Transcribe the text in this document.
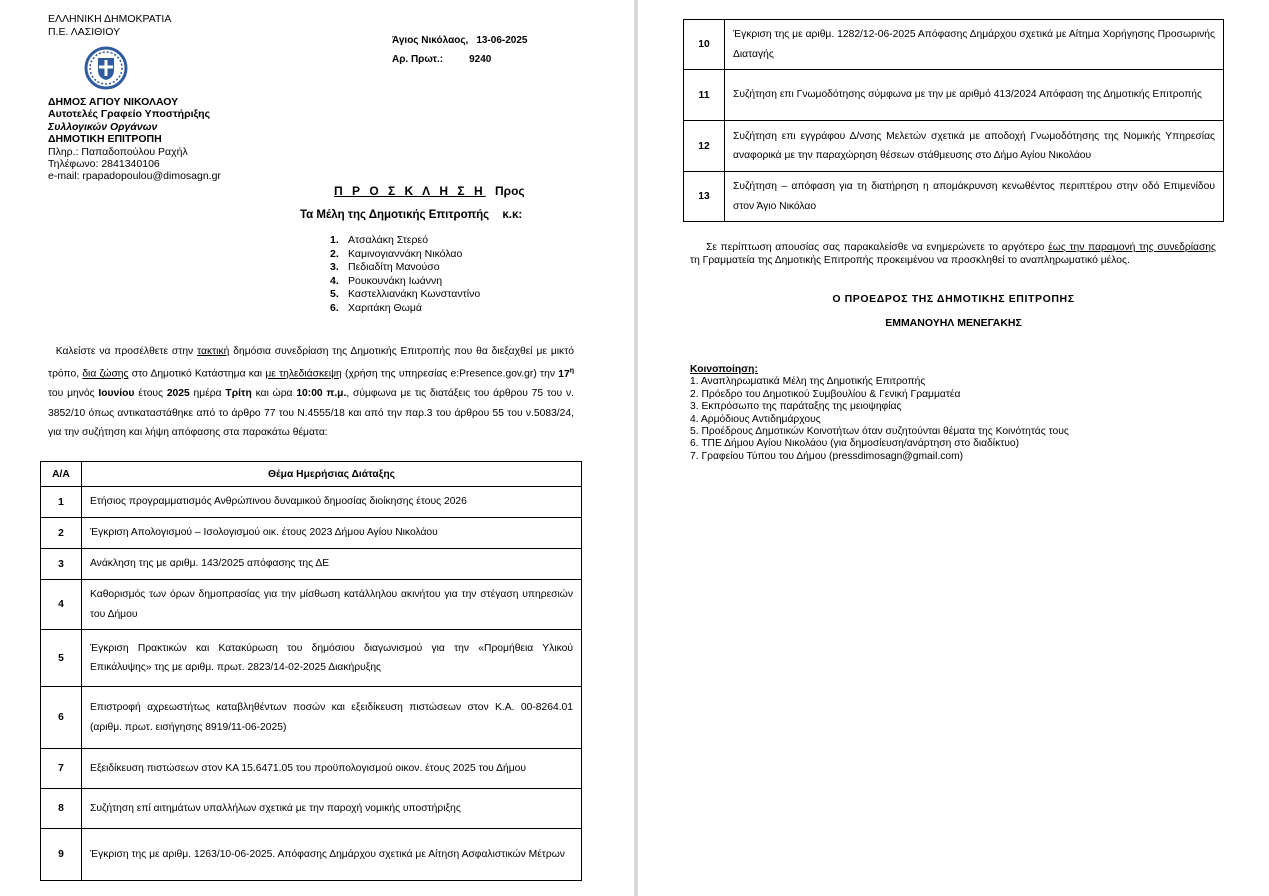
ΕΛΛΗΝΙΚΗ ΔΗΜΟΚΡΑΤΙΑ
Π.Ε. ΛΑΣΙΘΙΟΥ
ΔΗΜΟΣ ΑΓΙΟΥ ΝΙΚΟΛΑΟΥ
Αυτοτελές Γραφείο Υποστήριξης
Συλλογικών Οργάνων
ΔΗΜΟΤΙΚΗ ΕΠΙΤΡΟΠΗ
Πληρ.: Παπαδοπούλου Ραχήλ
Τηλέφωνο: 2841340106
e-mail: rpapadopoulou@dimosagn.gr
Άγιος Νικόλαος, 13-06-2025
Αρ. Πρωτ.:	9240
Π Ρ Ο Σ Κ Λ Η Σ Η Προς
Τα Μέλη της Δημοτικής Επιτροπής κ.κ:
1. Ατσαλάκη Στερεό
2. Καμινογιαννάκη Νικόλαο
3. Πεδιαδίτη Μανούσο
4. Ρουκουνάκη Ιωάννη
5. Καστελλιανάκη Κωνσταντίνο
6. Χαριτάκη Θωμά
Καλείστε να προσέλθετε στην τακτική δημόσια συνεδρίαση της Δημοτικής Επιτροπής που θα διεξαχθεί με μικτό τρόπο, δια ζώσης στο Δημοτικό Κατάστημα και με τηλεδιάσκεψη (χρήση της υπηρεσίας e:Presence.gov.gr) την $17^\eta$ του μηνός Ιουνίου έτους 2025 ημέρα Τρίτη και ώρα 10:00 π.μ., σύμφωνα με τις διατάξεις του άρθρου 75 του ν. 3852/10 όπως αντικαταστάθηκε από το άρθρο 77 του Ν.4555/18 και από την παρ.3 του άρθρου 55 του ν.5083/24, για την συζήτηση και λήψη απόφασης στα παρακάτω θέματα:
Α/Α	Θέμα Ημερήσιας Διάταξης
1	Ετήσιος προγραμματισμός Ανθρώπινου δυναμικού δημοσίας διοίκησης έτους 2026
2	Έγκριση Απολογισμού – Ισολογισμού οικ. έτους 2023 Δήμου Αγίου Νικολάου
3	Ανάκληση της με αριθμ. 143/2025 απόφασης της ΔΕ
4	Καθορισμός των όρων δημοπρασίας για την μίσθωση κατάλληλου ακινήτου για την στέγαση υπηρεσιών του Δήμου
5	Έγκριση Πρακτικών και Κατακύρωση του δημόσιου διαγωνισμού για την «Προμήθεια Υλικού Επικάλυψης» της με αριθμ. πρωτ. 2823/14-02-2025 Διακήρυξης
6	Επιστροφή αχρεωστήτως καταβληθέντων ποσών και εξειδίκευση πιστώσεων στον Κ.Α. 00-8264.01 (αριθμ. πρωτ. εισήγησης 8919/11-06-2025)
7	Εξειδίκευση πιστώσεων στον ΚΑ 15.6471.05 του προϋπολογισμού οικον. έτους 2025 του Δήμου
8	Συζήτηση επί αιτημάτων υπαλλήλων σχετικά με την παροχή νομικής υποστήριξης
9	Έγκριση της με αριθμ. 1263/10-06-2025. Απόφασης Δημάρχου σχετικά με Αίτηση Ασφαλιστικών Μέτρων
10	Έγκριση της με αριθμ. 1282/12-06-2025 Απόφασης Δημάρχου σχετικά με Αίτημα Χορήγησης Προσωρινής Διαταγής
11	Συζήτηση επι Γνωμοδότησης σύμφωνα με την με αριθμό 413/2024 Απόφαση της Δημοτικής Επιτροπής
12	Συζήτηση επι εγγράφου Δ/νσης Μελετών σχετικά με αποδοχή Γνωμοδότησης της Νομικής Υπηρεσίας αναφορικά με την παραχώρηση θέσεων στάθμευσης στο Δήμο Αγίου Νικολάου
13	Συζήτηση – απόφαση για τη διατήρηση η απομάκρυνση κενωθέντος περιπτέρου στην οδό Επιμενίδου στον Άγιο Νικόλαο
Σε περίπτωση απουσίας σας παρακαλείσθε να ενημερώνετε το αργότερο έως την παραμονή της συνεδρίασης τη Γραμματεία της Δημοτικής Επιτροπής προκειμένου να προσκληθεί το αναπληρωματικό μέλος.
Ο ΠΡΟΕΔΡΟΣ ΤΗΣ ΔΗΜΟΤΙΚΗΣ ΕΠΙΤΡΟΠΗΣ
ΕΜΜΑΝΟΥΗΛ ΜΕΝΕΓΑΚΗΣ
Κοινοποίηση:
1. Αναπληρωματικά Μέλη της Δημοτικής Επιτροπής
2. Πρόεδρο του Δημοτικού Συμβουλίου & Γενική Γραμματέα
3. Εκπρόσωπο της παράταξης της μειοψηφίας
4. Αρμόδιους Αντιδημάρχους
5. Προέδρους Δημοτικών Κοινοτήτων όταν συζητούνται θέματα της Κοινότητάς τους
6. ΤΠΕ Δήμου Αγίου Νικολάου (για δημοσίευση/ανάρτηση στο διαδίκτυο)
7. Γραφείου Τύπου του Δήμου (pressdimosagn@gmail.com)
